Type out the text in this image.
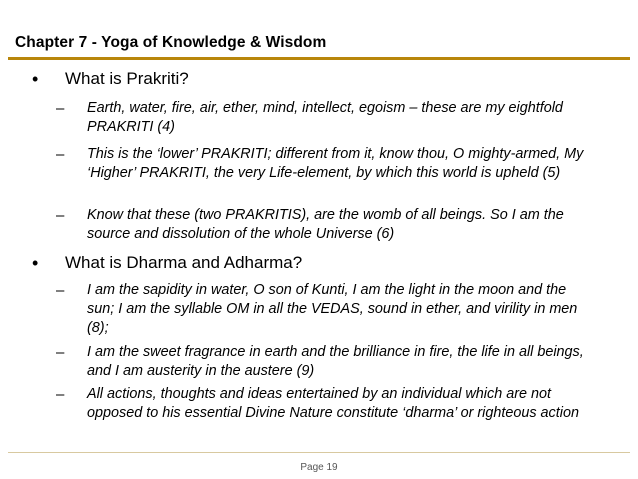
Chapter 7 - Yoga of Knowledge & Wisdom
• What is Prakriti?
– Earth, water, fire, air, ether, mind, intellect, egoism – these are my eightfold PRAKRITI (4)
– This is the ‘lower’ PRAKRITI; different from it, know thou, O mighty-armed, My ‘Higher’ PRAKRITI, the very Life-element, by which this world is upheld (5)
– Know that these (two PRAKRITIS), are the womb of all beings. So I am the source and dissolution of the whole Universe (6)
• What is Dharma and Adharma?
– I am the sapidity in water, O son of Kunti, I am the light in the moon and the sun; I am the syllable OM in all the VEDAS, sound in ether, and virility in men (8);
– I am the sweet fragrance in earth and the brilliance in fire, the life in all beings, and I am austerity in the austere (9)
– All actions, thoughts and ideas entertained by an individual which are not opposed to his essential Divine Nature constitute ‘dharma’ or righteous action
Page 19
